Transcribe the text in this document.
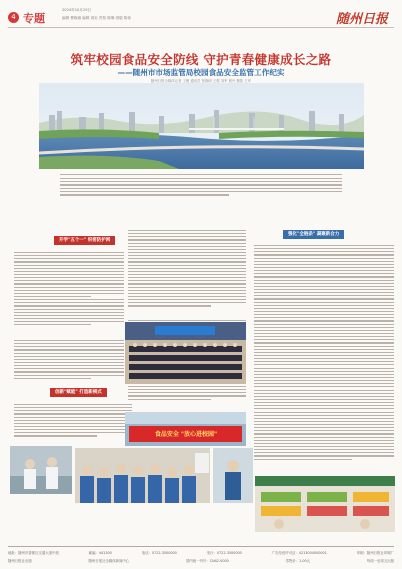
4 专题
2024年10月29日
编辑 曹晓瑜 编辑 周岩 责校 陈琳 排版 陈伟	随州日报
筑牢校园食品安全防线 守护青春健康成长之路
——随州市市场监管局校园食品安全监管工作纪实
随州日报全媒体记者 王俊 通讯员 张晓明 王强 刘军 程丹 摄影 王军
开学"五个一" 织密防护网
创新"赋能" 打造新模式
强化"全链条" 凝聚新合力
食品安全 "放心进校园"
地址：随州市曾都区交通大道中段	邮编：441300	电话：0722-3500000	发行：0722-3500000	广告经营许可证：4213004000001	印刷：随州日报社印刷厂
随州日报社出版	随州日报社全媒体新闻中心	国内统一刊号：CN42-0000	零售价：1.00元	每周一至周五出版
